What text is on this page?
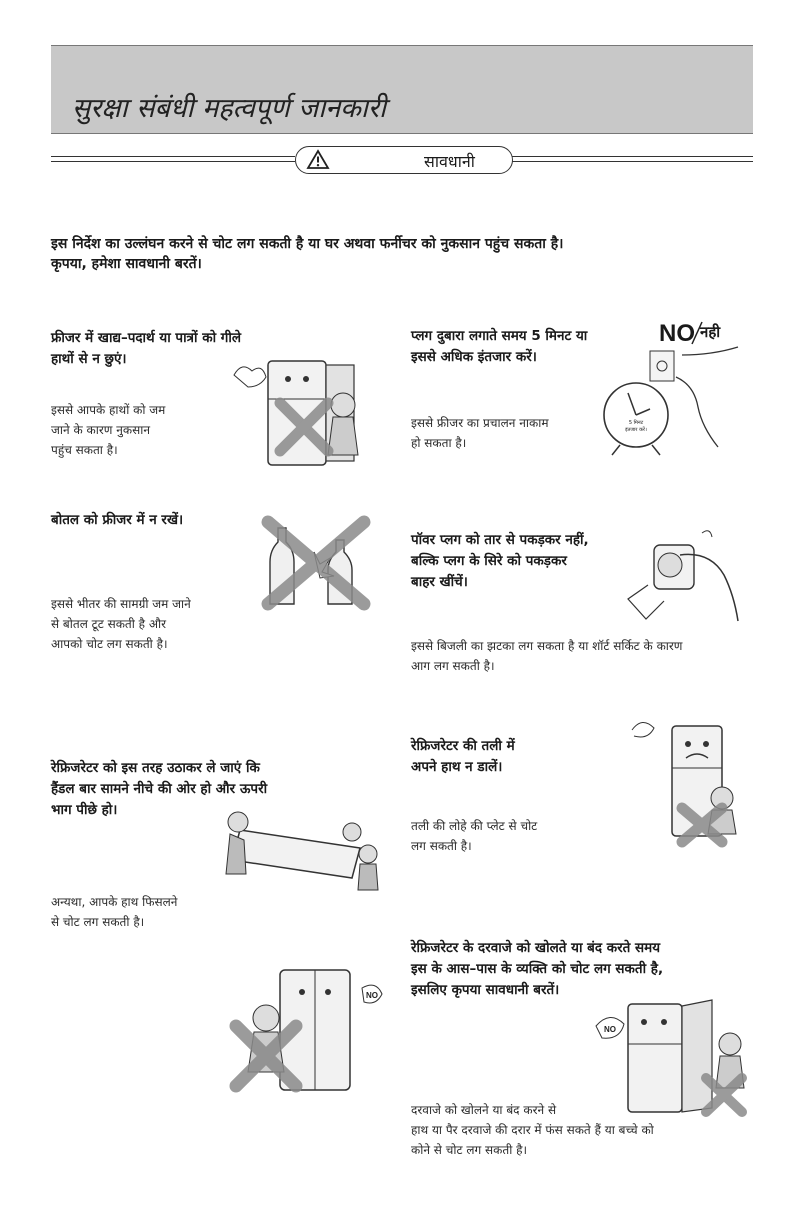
सुरक्षा संबंधी महत्वपूर्ण जानकारी
सावधानी
इस निर्देश का उल्लंघन करने से चोट लग सकती है या घर अथवा फर्नीचर को नुकसान पहुंच सकता है।
कृपया, हमेशा सावधानी बरतें।
फ्रीजर में खाद्य–पदार्थ या पात्रों को गीले
हाथों से न छुएं।
इससे आपके हाथों को जम
जाने के कारण नुकसान
पहुंच सकता है।
प्लग दुबारा लगाते समय 5 मिनट या
इससे अधिक इंतजार करें।
NO नही
इससे फ्रीजर का प्रचालन नाकाम
हो सकता है।
5 मिनट
इंतजार करें।
बोतल को फ्रीजर में न रखें।
इससे भीतर की सामग्री जम जाने
से बोतल टूट सकती है और
आपको चोट लग सकती है।
पॉवर प्लग को तार से पकड़कर नहीं,
बल्कि प्लग के सिरे को पकड़कर
बाहर खींचें।
इससे बिजली का झटका लग सकता है या शॉर्ट सर्किट के कारण
आग लग सकती है।
रेफ्रिजरेटर की तली में
अपने हाथ न डालें।
तली की लोहे की प्लेट से चोट
लग सकती है।
रेफ्रिजरेटर को इस तरह उठाकर ले जाएं कि
हैंडल बार सामने नीचे की ओर हो और ऊपरी
भाग पीछे हो।
अन्यथा, आपके हाथ फिसलने
से चोट लग सकती है।
NO
रेफ्रिजरेटर के दरवाजे को खोलते या बंद करते समय
इस के आस–पास के व्यक्ति को चोट लग सकती है,
इसलिए कृपया सावधानी बरतें।
NO
दरवाजे को खोलने या बंद करने से
हाथ या पैर दरवाजे की दरार में फंस सकते हैं या बच्चे को
कोने से चोट लग सकती है।
